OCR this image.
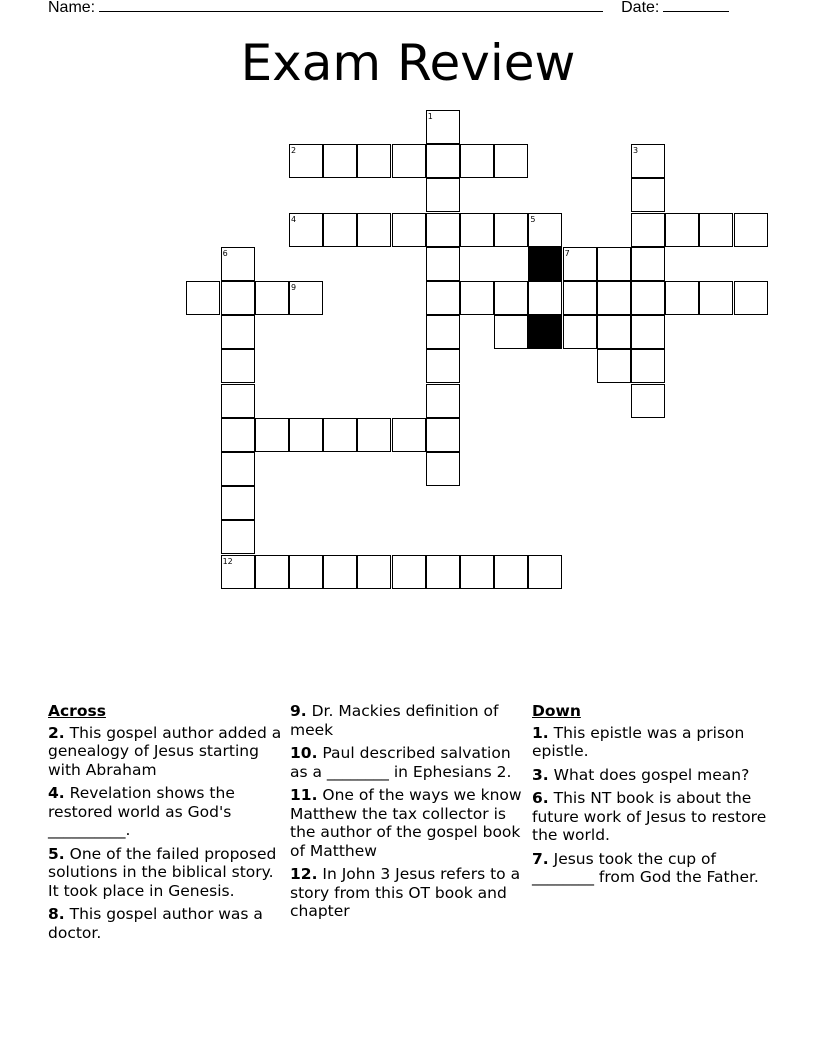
Name:	Date:
Exam Review
1
2	3
4	5
9
7
6
12
Across
2. This gospel author added a genealogy of Jesus starting with Abraham
4. Revelation shows the restored world as God's __________.
5. One of the failed proposed solutions in the biblical story. It took place in Genesis.
8. This gospel author was a doctor.
9. Dr. Mackies definition of meek
10. Paul described salvation as a ________ in Ephesians 2.
11. One of the ways we know Matthew the tax collector is the author of the gospel book of Matthew
12. In John 3 Jesus refers to a story from this OT book and chapter
Down
1. This epistle was a prison epistle.
3. What does gospel mean?
6. This NT book is about the future work of Jesus to restore the world.
7. Jesus took the cup of ________ from God the Father.
